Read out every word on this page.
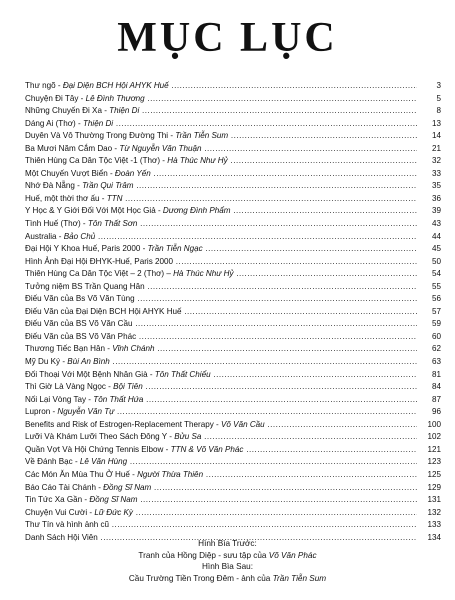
MỤC LỤC
Thư ngõ - Đại Diện BCH Hội AHYK Huế .....	3
Chuyện Đi Tây - Lê Đình Thương .....	5
Những Chuyến Đi Xa - Thiện Di .....	8
Dáng Ai (Thơ) - Thiện Di .....	13
Duyên Và Vô Thường Trong Đường Thi - Trần Tiễn Sum .....	14
Ba Mươi Năm Cắm Dao - Từ Nguyễn Văn Thuận .....	21
Thiên Hùng Ca Dân Tộc Việt -1 (Thơ) - Hà Thúc Như Hỷ .....	32
Một Chuyến Vượt Biển - Đoàn Yến .....	33
Nhớ Đà Nẵng - Trần Qui Trâm .....	35
Huế, một thời thơ ấu - TTN .....	36
Y Học & Y Giới Đối Với Một Học Giả - Dương Đình Phẩm .....	39
Tình Huế (Thơ) - Tôn Thất Sơn .....	43
Australia - Bảo Chủ .....	44
Đại Hội Y Khoa Huế, Paris 2000 - Trần Tiễn Ngạc .....	45
Hình Ảnh Đại Hội ĐHYK-Huế, Paris 2000 .....	50
Thiên Hùng Ca Dân Tộc Việt – 2 (Thơ) – Hà Thúc Như Hỷ .....	54
Tưởng niệm BS Trần Quang Hân .....	55
Điếu Văn của Bs Võ Văn Tùng .....	56
Điếu Văn của Đại Diện BCH Hội AHYK Huế .....	57
Điếu Văn của BS Võ Văn Cầu .....	59
Điếu Văn của BS Võ Văn Phác .....	60
Thương Tiếc Bạn Hân - Vĩnh Chánh .....	62
Mỹ Du Ký - Bùi An Bình .....	63
Đối Thoại Với Một Bệnh Nhân Già - Tôn Thất Chiểu .....	81
Thì Giờ Là Vàng Ngọc - Bội Tiên .....	84
Nối Lại Vòng Tay - Tôn Thất Hứa .....	87
Lupron - Nguyễn Văn Tự .....	96
Benefits and Risk of Estrogen-Replacement Therapy - Võ Văn Cầu .....	100
Lưỡi Và Khám Lưỡi Theo Sách Đông Y - Bửu Sa .....	102
Quần Vợt Và Hội Chứng Tennis Elbow - TTN & Võ Văn Phác .....	121
Về Đánh Bạc - Lê Văn Hùng .....	123
Các Món Ăn Mùa Thu Ở Huế - Người Thừa Thiên .....	125
Báo Cáo Tài Chánh - Đồng Sĩ Nam .....	129
Tin Tức Xa Gần - Đồng Sĩ Nam .....	131
Chuyện Vui Cười - Lữ Đức Kỳ .....	132
Thư Tín và hình ảnh cũ .....	133
Danh Sách Hội Viên .....	134
Hình Bìa Trước:
Tranh của Hồng Diệp - sưu tập của Võ Văn Phác
Hình Bìa Sau:
Cầu Trường Tiền Trong Đêm - ảnh của Trần Tiễn Sum
